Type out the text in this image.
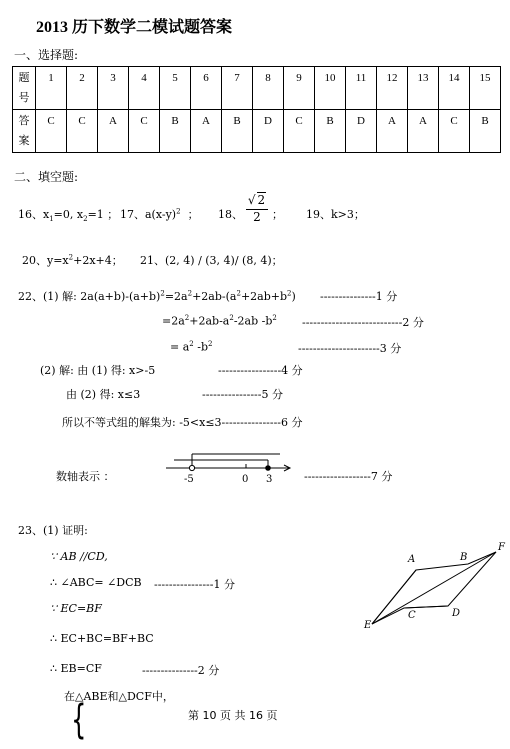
2013 历下数学二模试题答案
一、选择题:
题
号	1	2	3	4	5	6	7	8	9	10	11	12	13	14	15
答
案	C	C	A	C	B	A	B	D	C	B	D	A	A	C	B
二、填空题:
16、$x_1=0$, $x_2=1$ ； 17、$a(x-y)^2$ ； 18、 $\frac{√ 2}{2}$ ； 19、k>3；
20、$y=x^2+2x+4$； 21、(2, 4) / (3, 4)/ (8, 4)；
22、(1) 解: $2a(a+b)-(a+b)^2=2a^2+2ab-(a^2+2ab+b^2)$ ---------------1 分
$=2a^2+2ab-a^2-2ab$ $-b^2$ ---------------------------2 分
= $a^2$ $-b^2$	----------------------3 分
(2) 解: 由 (1) 得: x>-5	-----------------4 分
由 (2) 得: x≤3	----------------5 分
所以不等式组的解集为: -5<x≤3----------------6 分
数轴表示 ：	-5	0 3	------------------7 分
23、(1) 证明:
∵ AB //CD,
∴ ∠ABC= ∠DCB ----------------1 分
∵ EC=BF
∴ EC+BC=BF+BC
∴ EB=CF	---------------2 分
在△ABE和△DCF中，
A	B
F
C	D
E
{	第 10 页 共 16 页
